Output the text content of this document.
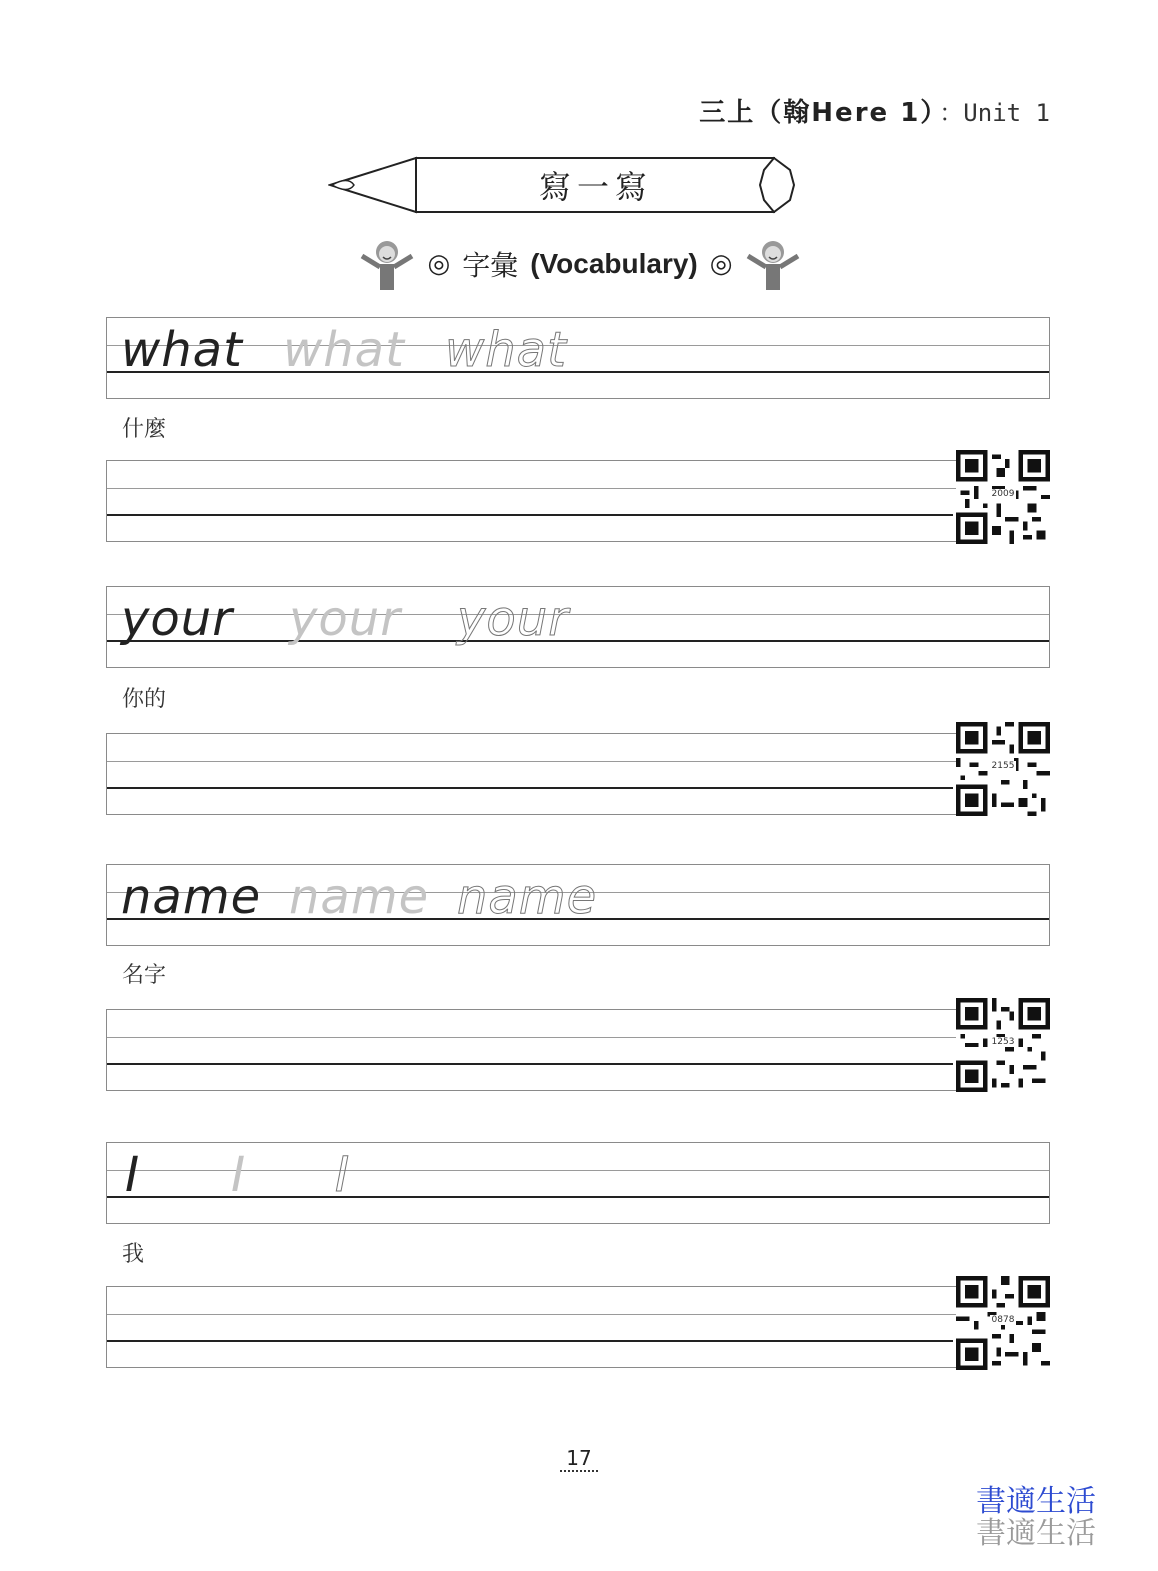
三上（翰Here 1） ：Unit 1
寫一寫
◎ 字彙 (Vocabulary) ◎
what what what
什麼
2009
your your your
你的
2155
name name name
名字
1253
I I I
我
0878
17
書適生活
書適生活
